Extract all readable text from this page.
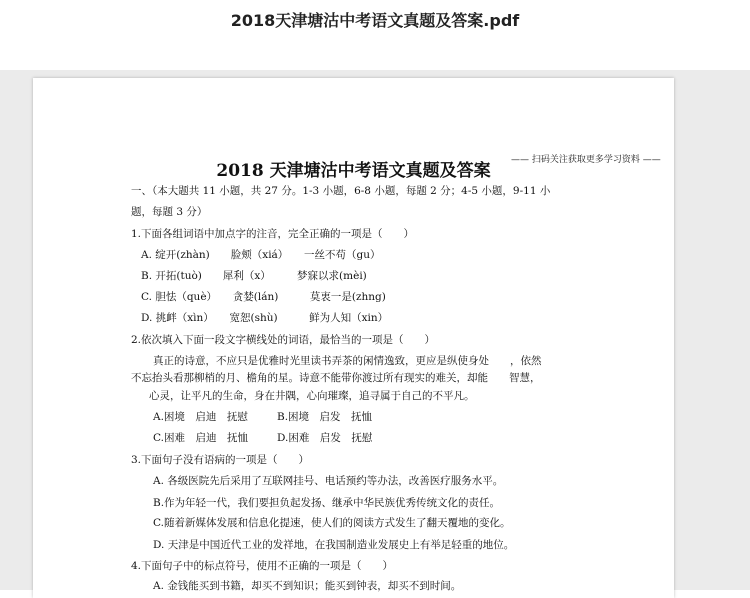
2018天津塘沽中考语文真题及答案.pdf
—— 扫码关注获取更多学习资料 ——
2018 天津塘沽中考语文真题及答案
一、（本大题共 11 小题，共 27 分。1-3 小题，6-8 小题，每题 2 分；4-5 小题，9-11 小
题，每题 3 分）
1.下面各组词语中加点字的注音，完全正确的一项是（　　）
A. 绽开(zhàn)　　脸颊（xiá）　　一丝不苟（gu）
B. 开拓(tuò)　　犀利（x）　　　梦寐以求(mèi)
C. 胆怯（què）　　贪婪(lán)　　　莫衷一是(zhng)
D. 挑衅（xìn）　　宽恕(shù)　　　鲜为人知（xin）
2.依次填入下面一段文字横线处的词语，最恰当的一项是（　　）
真正的诗意，不应只是优雅时光里读书弄茶的闲情逸致，更应是纵使身处　　，依然
不忘抬头看那柳梢的月、檐角的星。诗意不能带你渡过所有现实的难关，却能　　智慧，
心灵，让平凡的生命，身在井隅，心向璀璨，追寻属于自己的不平凡。
A.困境　启迪　抚慰	B.困境　启发　抚恤
C.困难　启迪　抚恤	D.困难　启发　抚慰
3.下面句子没有语病的一项是（　　）
A. 各级医院先后采用了互联网挂号、电话预约等办法，改善医疗服务水平。
B.作为年轻一代，我们要担负起发扬、继承中华民族优秀传统文化的责任。
C.随着新媒体发展和信息化提速，使人们的阅读方式发生了翻天覆地的变化。
D. 天津是中国近代工业的发祥地，在我国制造业发展史上有举足轻重的地位。
4.下面句子中的标点符号，使用不正确的一项是（　　）
A. 金钱能买到书籍，却买不到知识；能买到钟表，却买不到时间。
